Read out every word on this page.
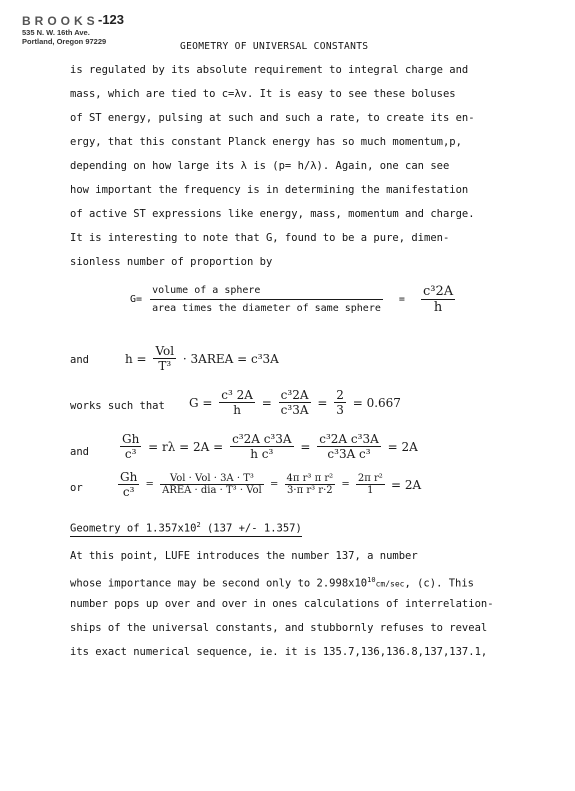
BROOKS
535 N. W. 16th Ave.
Portland, Oregon 97229
-123
GEOMETRY OF UNIVERSAL CONSTANTS
is regulated by its absolute requirement to integral charge and
mass, which are tied to c=λv. It is easy to see these boluses
of ST energy, pulsing at such and such a rate, to create its en-
ergy, that this constant Planck energy has so much momentum,p,
depending on how large its λ is (p= h/λ). Again, one can see
how important the frequency is in determining the manifestation
of active ST expressions like energy, mass, momentum and charge.
It is interesting to note that G, found to be a pure, dimen-
sionless number of proportion by
$G= \frac{\text{volume of a sphere}}{\text{area times the diameter of same sphere}} = \frac{\text{c³2A}}{h}$
and	$h = \frac{\text{Vol}}{\text{T³}}$ · 3AREA = c³3A
works such that $G = \frac{\text{c³ 2A}}{h} = \frac{\text{c³2A}}{\text{c³3A}} = \frac{2}{3} = 0.667$
and	$\frac{Gh}{\text{c³}} = r\lambda = 2A = \frac{\text{c³2A c³3A}}{\text{h c³}} = \frac{\text{c³2A c³3A}}{\text{c³3A c³}} = 2A$
or	$\frac{Gh}{\text{c³}} = \frac{\text{Vol · Vol · 3A · T³}}{\text{AREA · dia · T³ · Vol}} = \frac{\text{4π r³ π r²}}{\text{3·π r³ r·2}} = \frac{\text{2π r²}}{1} = 2A$
Geometry of $1.357x10^2$ (137 +/- 1.357)
At this point, LUFE introduces the number 137, a number
whose importance may be second only to $2.998x10^{10}cm/\sec$, (c). This
number pops up over and over in ones calculations of interrelation-
ships of the universal constants, and stubbornly refuses to reveal
its exact numerical sequence, ie. it is 135.7,136,136.8,137,137.1,
